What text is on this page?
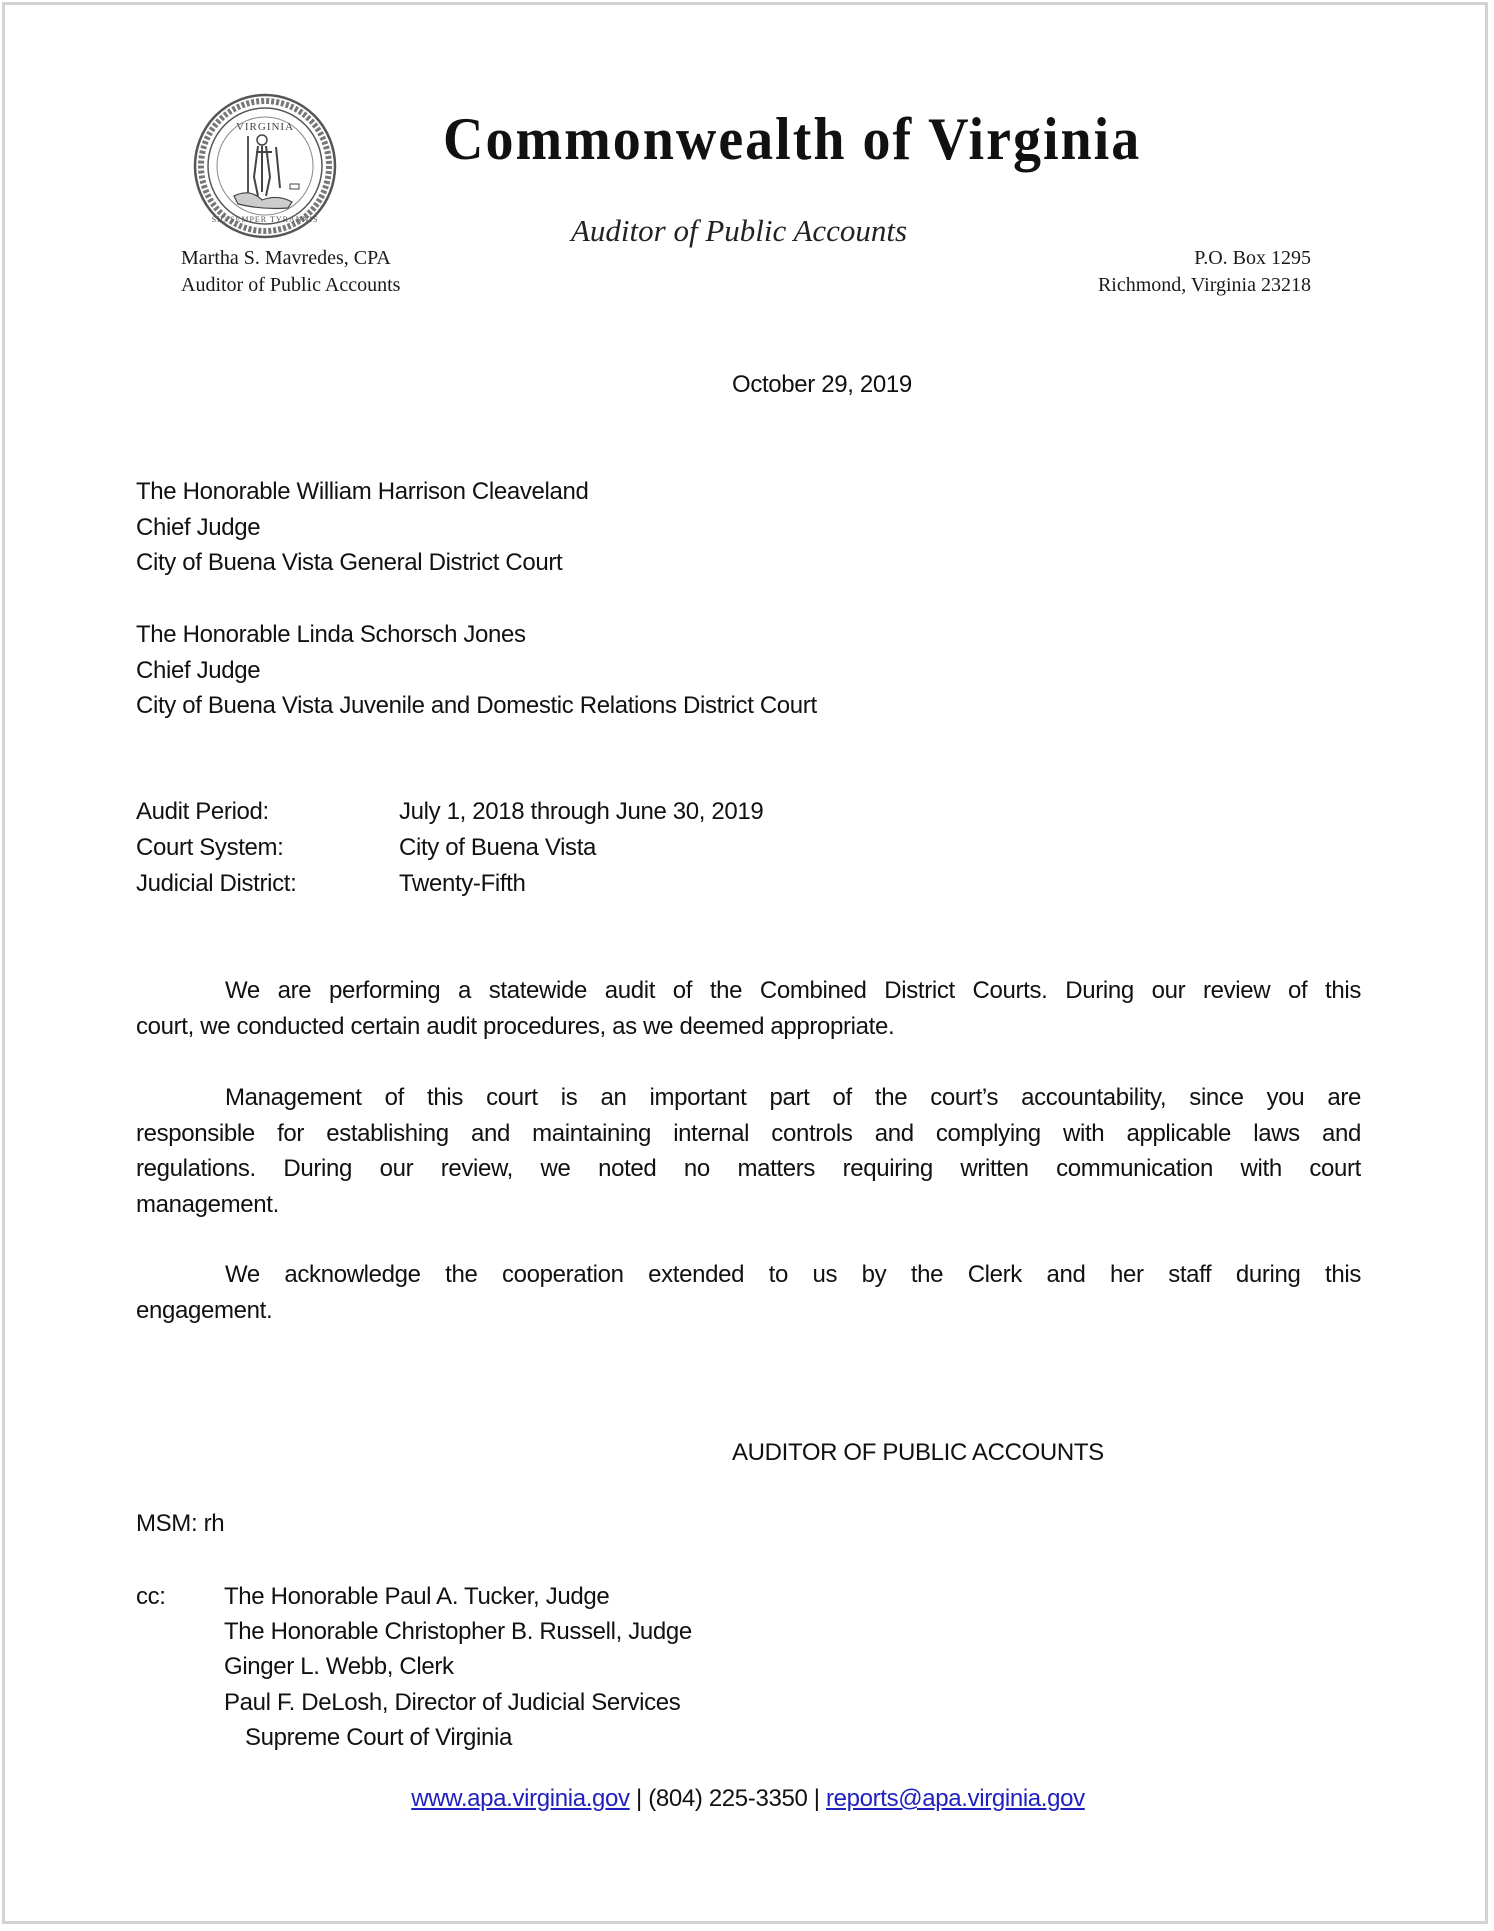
VIRGINIA
SIC SEMPER TYRANNIS
Commonwealth of Virginia
Auditor of Public Accounts
Martha S. Mavredes, CPA
Auditor of Public Accounts
P.O. Box 1295
Richmond, Virginia 23218
October 29, 2019
The Honorable William Harrison Cleaveland
Chief Judge
City of Buena Vista General District Court
The Honorable Linda Schorsch Jones
Chief Judge
City of Buena Vista Juvenile and Domestic Relations District Court
Audit Period:	July 1, 2018 through June 30, 2019
Court System:	City of Buena Vista
Judicial District:	Twenty-Fifth
We are performing a statewide audit of the Combined District Courts. During our review of this
court, we conducted certain audit procedures, as we deemed appropriate.
Management of this court is an important part of the court’s accountability, since you are
responsible for establishing and maintaining internal controls and complying with applicable laws and
regulations. During our review, we noted no matters requiring written communication with court
management.
We acknowledge the cooperation extended to us by the Clerk and her staff during this
engagement.
AUDITOR OF PUBLIC ACCOUNTS
MSM: rh
cc: The Honorable Paul A. Tucker, Judge
The Honorable Christopher B. Russell, Judge
Ginger L. Webb, Clerk
Paul F. DeLosh, Director of Judicial Services
Supreme Court of Virginia
www.apa.virginia.gov | (804) 225-3350 | reports@apa.virginia.gov
